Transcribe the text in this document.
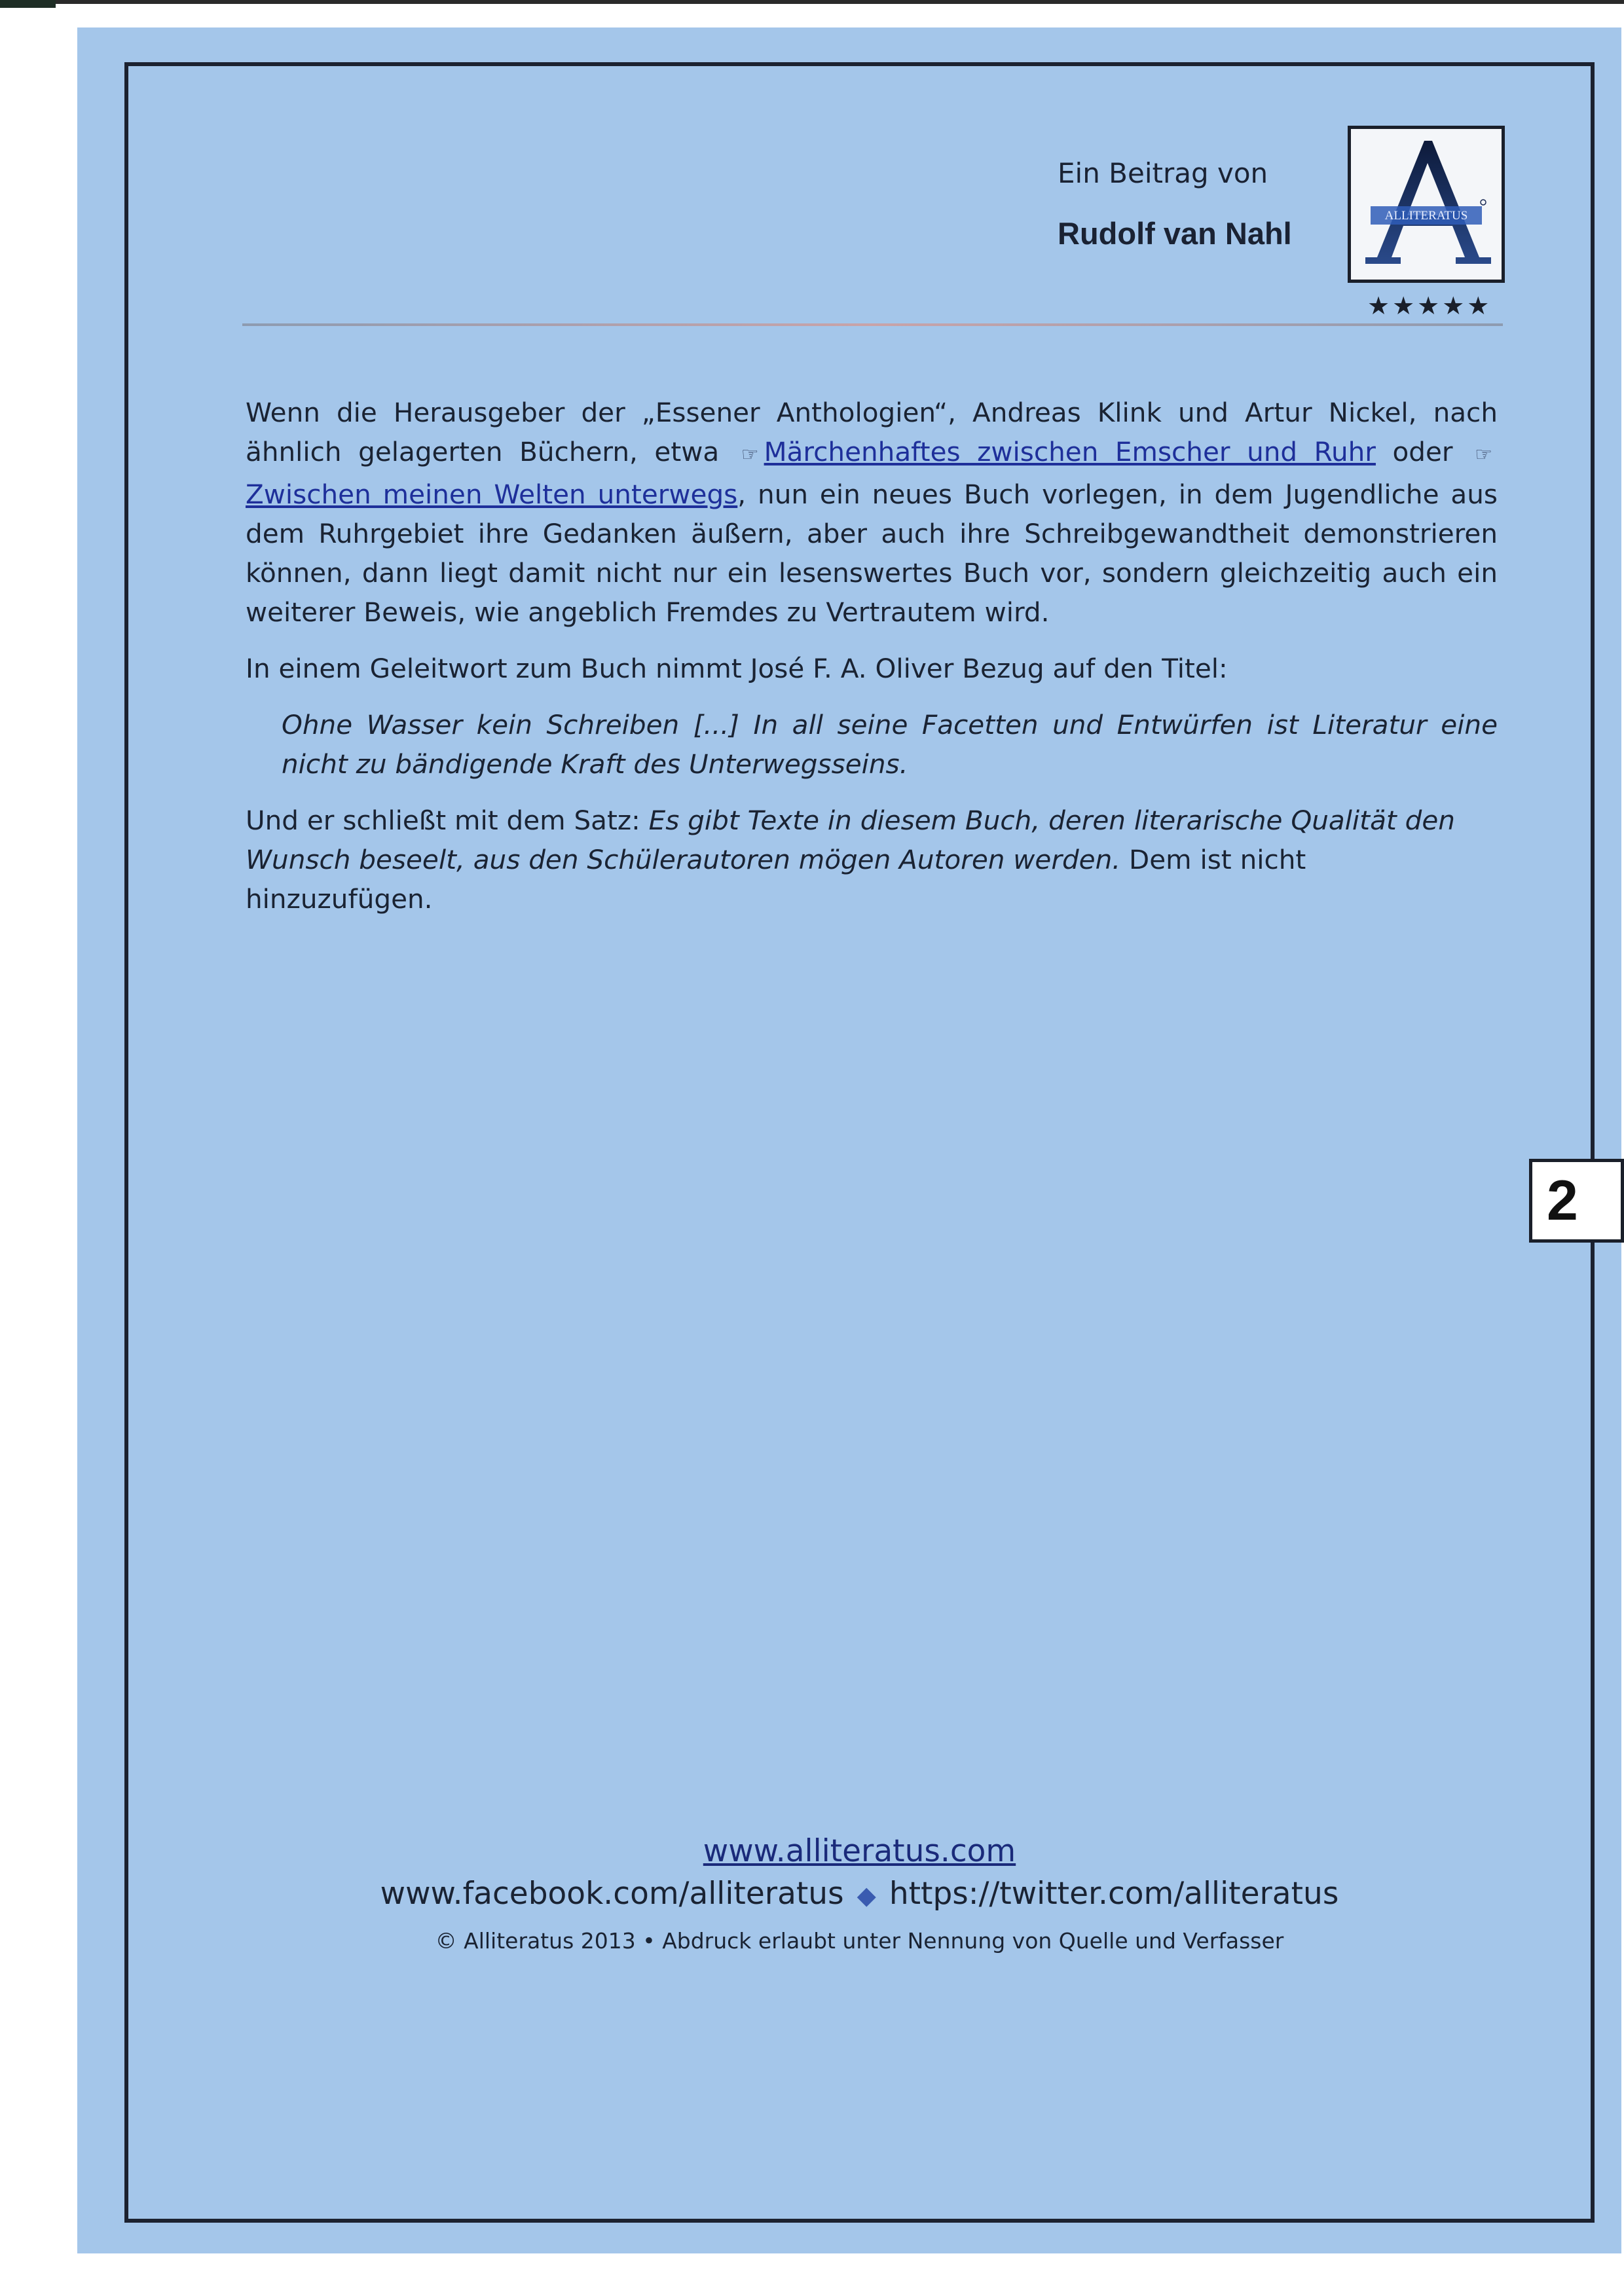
Ein Beitrag von
Rudolf van Nahl
ALLITERATUS
★★★★★

Wenn die Herausgeber der „Essener Anthologien“, Andreas Klink und Artur Nickel, nach ähnlich gelagerten Büchern, etwa ☞ Märchenhaftes zwischen Emscher und Ruhr oder ☞Zwischen meinen Welten unterwegs, nun ein neues Buch vorlegen, in dem Jugendliche aus dem Ruhrgebiet ihre Gedanken äußern, aber auch ihre Schreibgewandtheit demonstrieren können, dann liegt damit nicht nur ein lesenswertes Buch vor, sondern gleichzeitig auch ein weiterer Beweis, wie angeblich Fremdes zu Vertrautem wird.

In einem Geleitwort zum Buch nimmt José F. A. Oliver Bezug auf den Titel:

Ohne Wasser kein Schreiben [...] In all seine Facetten und Entwürfen ist Literatur eine nicht zu bändigende Kraft des Unterwegsseins.

Und er schließt mit dem Satz: Es gibt Texte in diesem Buch, deren literarische Qualität den Wunsch beseelt, aus den Schülerautoren mögen Autoren werden. Dem ist nicht hinzuzufügen.

www.alliteratus.com
www.facebook.com/alliteratus ◆ https://twitter.com/alliteratus
© Alliteratus 2013 • Abdruck erlaubt unter Nennung von Quelle und Verfasser
2
